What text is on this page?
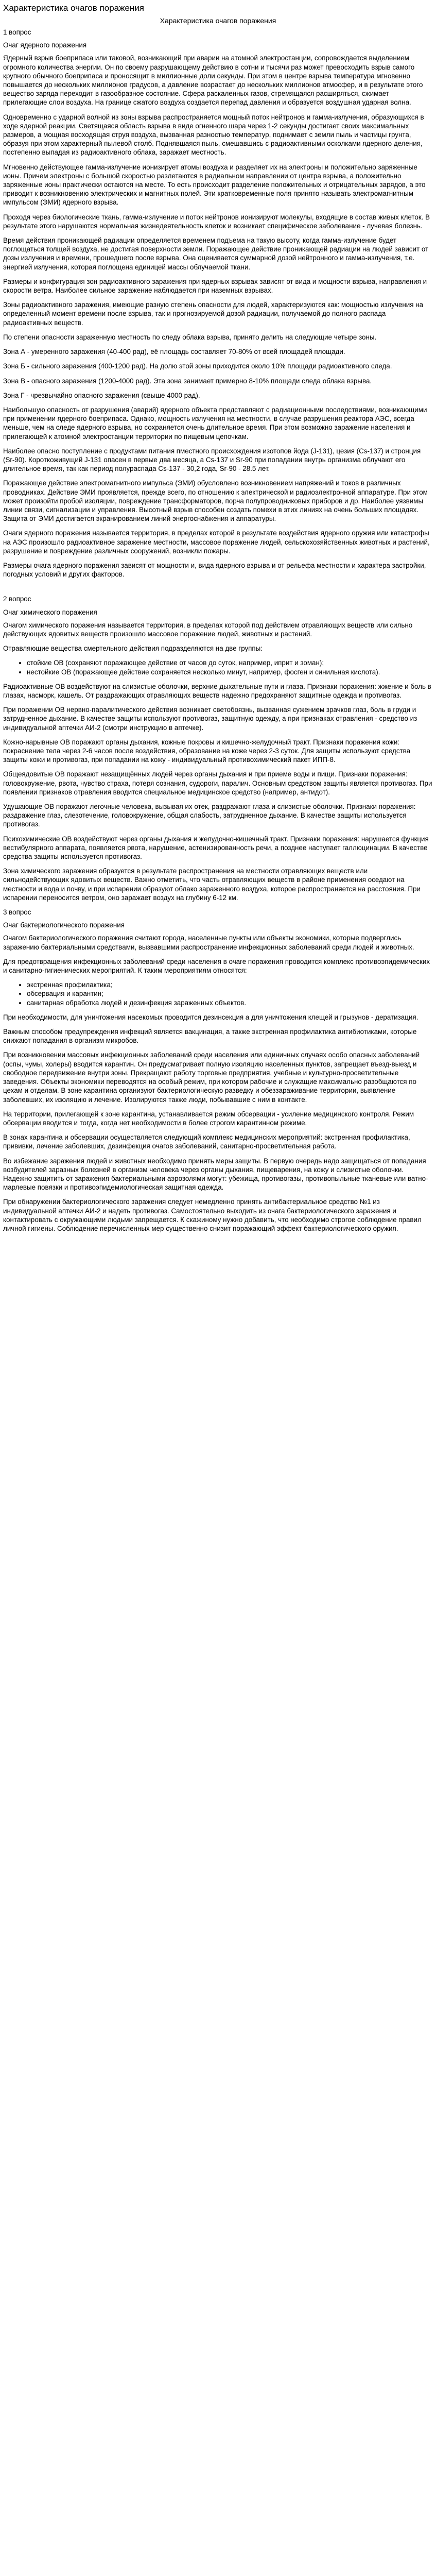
Характеристика очагов поражения
Характеристика очагов поражения

1 вопрос

Очаг ядерного поражения

Ядерный взрыв боеприпаса или таковой, возникающий при аварии на атомной электростанции, сопровождается выделением огромного количества энергии. Он по своему разрушающему действию в сотни и тысячи раз может превосходить взрыв самого крупного обычного боеприпаса и проносящит в миллионные доли секунды. При этом в центре взрыва температура мгновенно повышается до нескольких миллионов градусов, а давление возрастает до нескольких миллионов атмосфер, и в результате этого вещество заряда переходит в газообразное состояние. Сфера раскаленных газов, стремящаяся расширяться, сжимает прилегающие слои воздуха. На границе сжатого воздуха создается перепад давления и образуется воздушная ударная волна.

Одновременно с ударной волной из зоны взрыва распространяется мощный поток нейтронов и гамма-излучения, образующихся в ходе ядерной реакции. Светящаяся область взрыва в виде огненного шара через 1-2 секунды достигает своих максимальных размеров, а мощная восходящая струя воздуха, вызванная разностью температур, поднимает с земли пыль и частицы грунта, образуя при этом характерный пылевой столб. Поднявшаяся пыль, смешавшись с радиоактивными осколками ядерного деления, постепенно выпадая из радиоактивного облака, заражает местность.

Мгновенно действующее гамма-излучение ионизирует атомы воздуха и разделяет их на электроны и положительно заряженные ионы. Причем электроны с большой скоростью разлетаются в радиальном направлении от центра взрыва, а положительно заряженные ионы практически остаются на месте. То есть происходит разделение положительных и отрицательных зарядов, а это приводит к возникновению электрических и магнитных полей. Эти кратковременные поля принято называть электромагнитным импульсом (ЭМИ) ядерного взрыва.

Проходя через биологические ткань, гамма-излучение и поток нейтронов ионизируют молекулы, входящие в состав живых клеток. В результате этого нарушаются нормальная жизнедеятельность клеток и возникает специфическое заболевание - лучевая болезнь.

Время действия проникающей радиации определяется временем подъема на такую высоту, когда гамма-излучение будет поглощаться толщей воздуха, не достигая поверхности земли. Поражающее действие проникающей радиации на людей зависит от дозы излучения и времени, прошедшего после взрыва. Она оценивается суммарной дозой нейтронного и гамма-излучения, т.е. энергией излучения, которая поглощена единицей массы облучаемой ткани.

Размеры и конфигурация зон радиоактивного заражения при ядерных взрывах зависят от вида и мощности взрыва, направления и скорости ветра. Наиболее сильное заражение наблюдается при наземных взрывах.

Зоны радиоактивного заражения, имеющие разную степень опасности для людей, характеризуются как: мощностью излучения на определенный момент времени после взрыва, так и прогнозируемой дозой радиации, получаемой до полного распада радиоактивных веществ.

По степени опасности зараженную местность по следу облака взрыва, принято делить на следующие четыре зоны.

Зона А - умеренного заражения (40-400 рад), её площадь составляет 70-80% от всей площадей площади.

Зона Б - сильного заражения (400-1200 рад). На долю этой зоны приходится около 10% площади радиоактивного следа.

Зона В - опасного заражения (1200-4000 рад). Эта зона занимает примерно 8-10% площади следа облака взрыва.

Зона Г - чрезвычайно опасного заражения (свыше 4000 рад).

Наибольшую опасность от разрушения (аварий) ядерного объекта представляют с радиационными последствиями, возникающими при применении ядерного боеприпаса. Однако, мощность излучения на местности, в случае разрушения реактора АЭС, всегда меньше, чем на следе ядерного взрыва, но сохраняется очень длительное время. При этом возможно заражение населения и прилегающей к атомной электростанции территории по пищевым цепочкам.

Наиболее опасно поступление с продуктами питания пместного происхождения изотопов йода (J-131), цезия (Cs-137) и стронция (Sr-90). Короткоживущий J-131 опасен в первые два месяца, а Cs-137 и Sr-90 при попадании внутрь организма облучают его длительное время, так как период полураспада Cs-137 - 30,2 года, Sr-90 - 28.5 лет.

Поражающее действие электромагнитного импульса (ЭМИ) обусловлено возникновением напряжений и токов в различных проводниках. Действие ЭМИ проявляется, прежде всего, по отношению к электрической и радиоэлектронной аппаратуре. При этом может произойти пробой изоляции, повреждение трансформаторов, порча полупроводниковых приборов и др. Наиболее уязвимы линии связи, сигнализации и управления. Высотный взрыв способен создать помехи в этих линиях на очень больших площадях. Защита от ЭМИ достигается экранированием линий энергоснабжения и аппаратуры.

Очаги ядерного поражения называется территория, в пределах которой в результате воздействия ядерного оружия или катастрофы на АЭС произошло радиоактивное заражение местности, массовое поражение людей, сельскохозяйственных животных и растений, разрушение и повреждение различных сооружений, возникли пожары.

Размеры очага ядерного поражения зависят от мощности и, вида ядерного взрыва и от рельефа местности и характера застройки, погодных условий и других факторов.

2 вопрос

Очаг химического поражения

Очагом химического поражения называется территория, в пределах которой под действием отравляющих веществ или сильно действующих ядовитых веществ произошло массовое поражение людей, животных и растений.

Отравляющие вещества смертельного действия подразделяются на две группы:

• стойкие ОВ (сохраняют поражающее действие от часов до суток, например, иприт и зоман);
• нестойкие ОВ (поражающее действие сохраняется несколько минут, например, фосген и синильная кислота).

Радиоактивные ОВ воздействуют на слизистые оболочки, верхние дыхательные пути и глаза. Признаки поражения: жжение и боль в глазах, насморк, кашель. От раздражающих отравляющих веществ надежно предохраняют защитные одежда и противогаз.

При поражении ОВ нервно-паралитического действия возникает светобоязнь, вызванная сужением зрачков глаз, боль в груди и затрудненное дыхание. В качестве защиты используют противогаз, защитную одежду, а при признаках отравления - средство из индивидуальной аптечки АИ-2 (смотри инструкцию в аптечке).

Кожно-нарывные ОВ поражают органы дыхания, кожные покровы и кишечно-желудочный тракт. Признаки поражения кожи: покраснение тела через 2-6 часов после воздействия, образование на коже через 2-3 суток. Для защиты используют средства защиты кожи и противогаз, при попадании на кожу - индивидуальный противохимический пакет ИПП-8.

Общеядовитые ОВ поражают незащищённых людей через органы дыхания и при приеме воды и пищи. Признаки поражения: головокружение, рвота, чувство страха, потеря сознания, судороги, паралич. Основным средством защиты является противогаз. При появлении признаков отравления вводится специальное медицинское средство (например, антидот).

Удушающие ОВ поражают легочные человека, вызывая их отек, раздражают глаза и слизистые оболочки. Признаки поражения: раздражение глаз, слезотечение, головокружение, общая слабость, затрудненное дыхание. В качестве защиты используется противогаз.

Психохимические ОВ воздействуют через органы дыхания и желудочно-кишечный тракт. Признаки поражения: нарушается функция вестибулярного аппарата, появляется рвота, нарушение, астенизированность речи, а позднее наступает галлюцинации. В качестве средства защиты используется противогаз.

Зона химического заражения образуется в результате распространения на местности отравляющих веществ или сильнодействующих ядовитых веществ. Важно отметить, что часть отравляющих веществ в районе применения оседают на местности и вода и почву, и при испарении образуют облако зараженного воздуха, которое распространяется на расстояния. При испарении переносится ветром, оно заражает воздух на глубину 6-12 км.

3 вопрос

Очаг бактериологического поражения

Очагом бактериологического поражения считают города, населенные пункты или объекты экономики, которые подверглись заражению бактериальными средствами, вызвавшими распространение инфекционных заболеваний среди людей и животных.

Для предотвращения инфекционных заболеваний среди населения в очаге поражения проводится комплекс противоэпидемических и санитарно-гигиенических мероприятий. К таким мероприятиям относятся:

• экстренная профилактика;
• обсервация и карантин;
• санитарная обработка людей и дезинфекция зараженных объектов.

При необходимости, для уничтожения насекомых проводится дезинсекция а для уничтожения клещей и грызунов - дератизация.

Важным способом предупреждения инфекций является вакцинация, а также экстренная профилактика антибиотиками, которые снижают попадания в организм микробов.

При возникновении массовых инфекционных заболеваний среди населения или единичных случаях особо опасных заболеваний (оспы, чумы, холеры) вводится карантин. Он предусматривает полную изоляцию населенных пунктов, запрещает въезд-выезд и свободное передвижение внутри зоны. Прекращают работу торговые предприятия, учебные и культурно-просветительные заведения. Объекты экономики переводятся на особый режим, при котором рабочие и служащие максимально разобщаются по цехам и отделам. В зоне карантина организуют бактериологическую разведку и обеззараживание территории, выявление заболевших, их изоляцию и лечение. Изолируются также люди, побывавшие с ним в контакте.

На территории, прилегающей к зоне карантина, устанавливается режим обсервации - усиление медицинского контроля. Режим обсервации вводится и тогда, когда нет необходимости в более строгом карантинном режиме.

В зонах карантина и обсервации осуществляется следующий комплекс медицинских мероприятий: экстренная профилактика, прививки, лечение заболевших, дезинфекция очагов заболеваний, санитарно-просветительная работа.

Во избежание заражения людей и животных необходимо принять меры защиты. В первую очередь надо защищаться от попадания возбудителей заразных болезней в организм человека через органы дыхания, пищеварения, на кожу и слизистые оболочки. Надежно защитить от заражения бактериальными аэрозолями могут: убежища, противогазы, противопыльные тканевые или ватно-марлевые повязки и противоэпидемиологическая защитная одежда.

При обнаружении бактериологического заражения следует немедленно принять антибактериальное средство №1 из индивидуальной аптечки АИ-2 и надеть противогаз. Самостоятельно выходить из очага бактериологического заражения и контактировать с окружающими людьми запрещается. К скажиному нужно добавить, что необходимо строгое соблюдение правил личной гигиены. Соблюдение перечисленных мер существенно снизит поражающий эффект бактериологического оружия.
